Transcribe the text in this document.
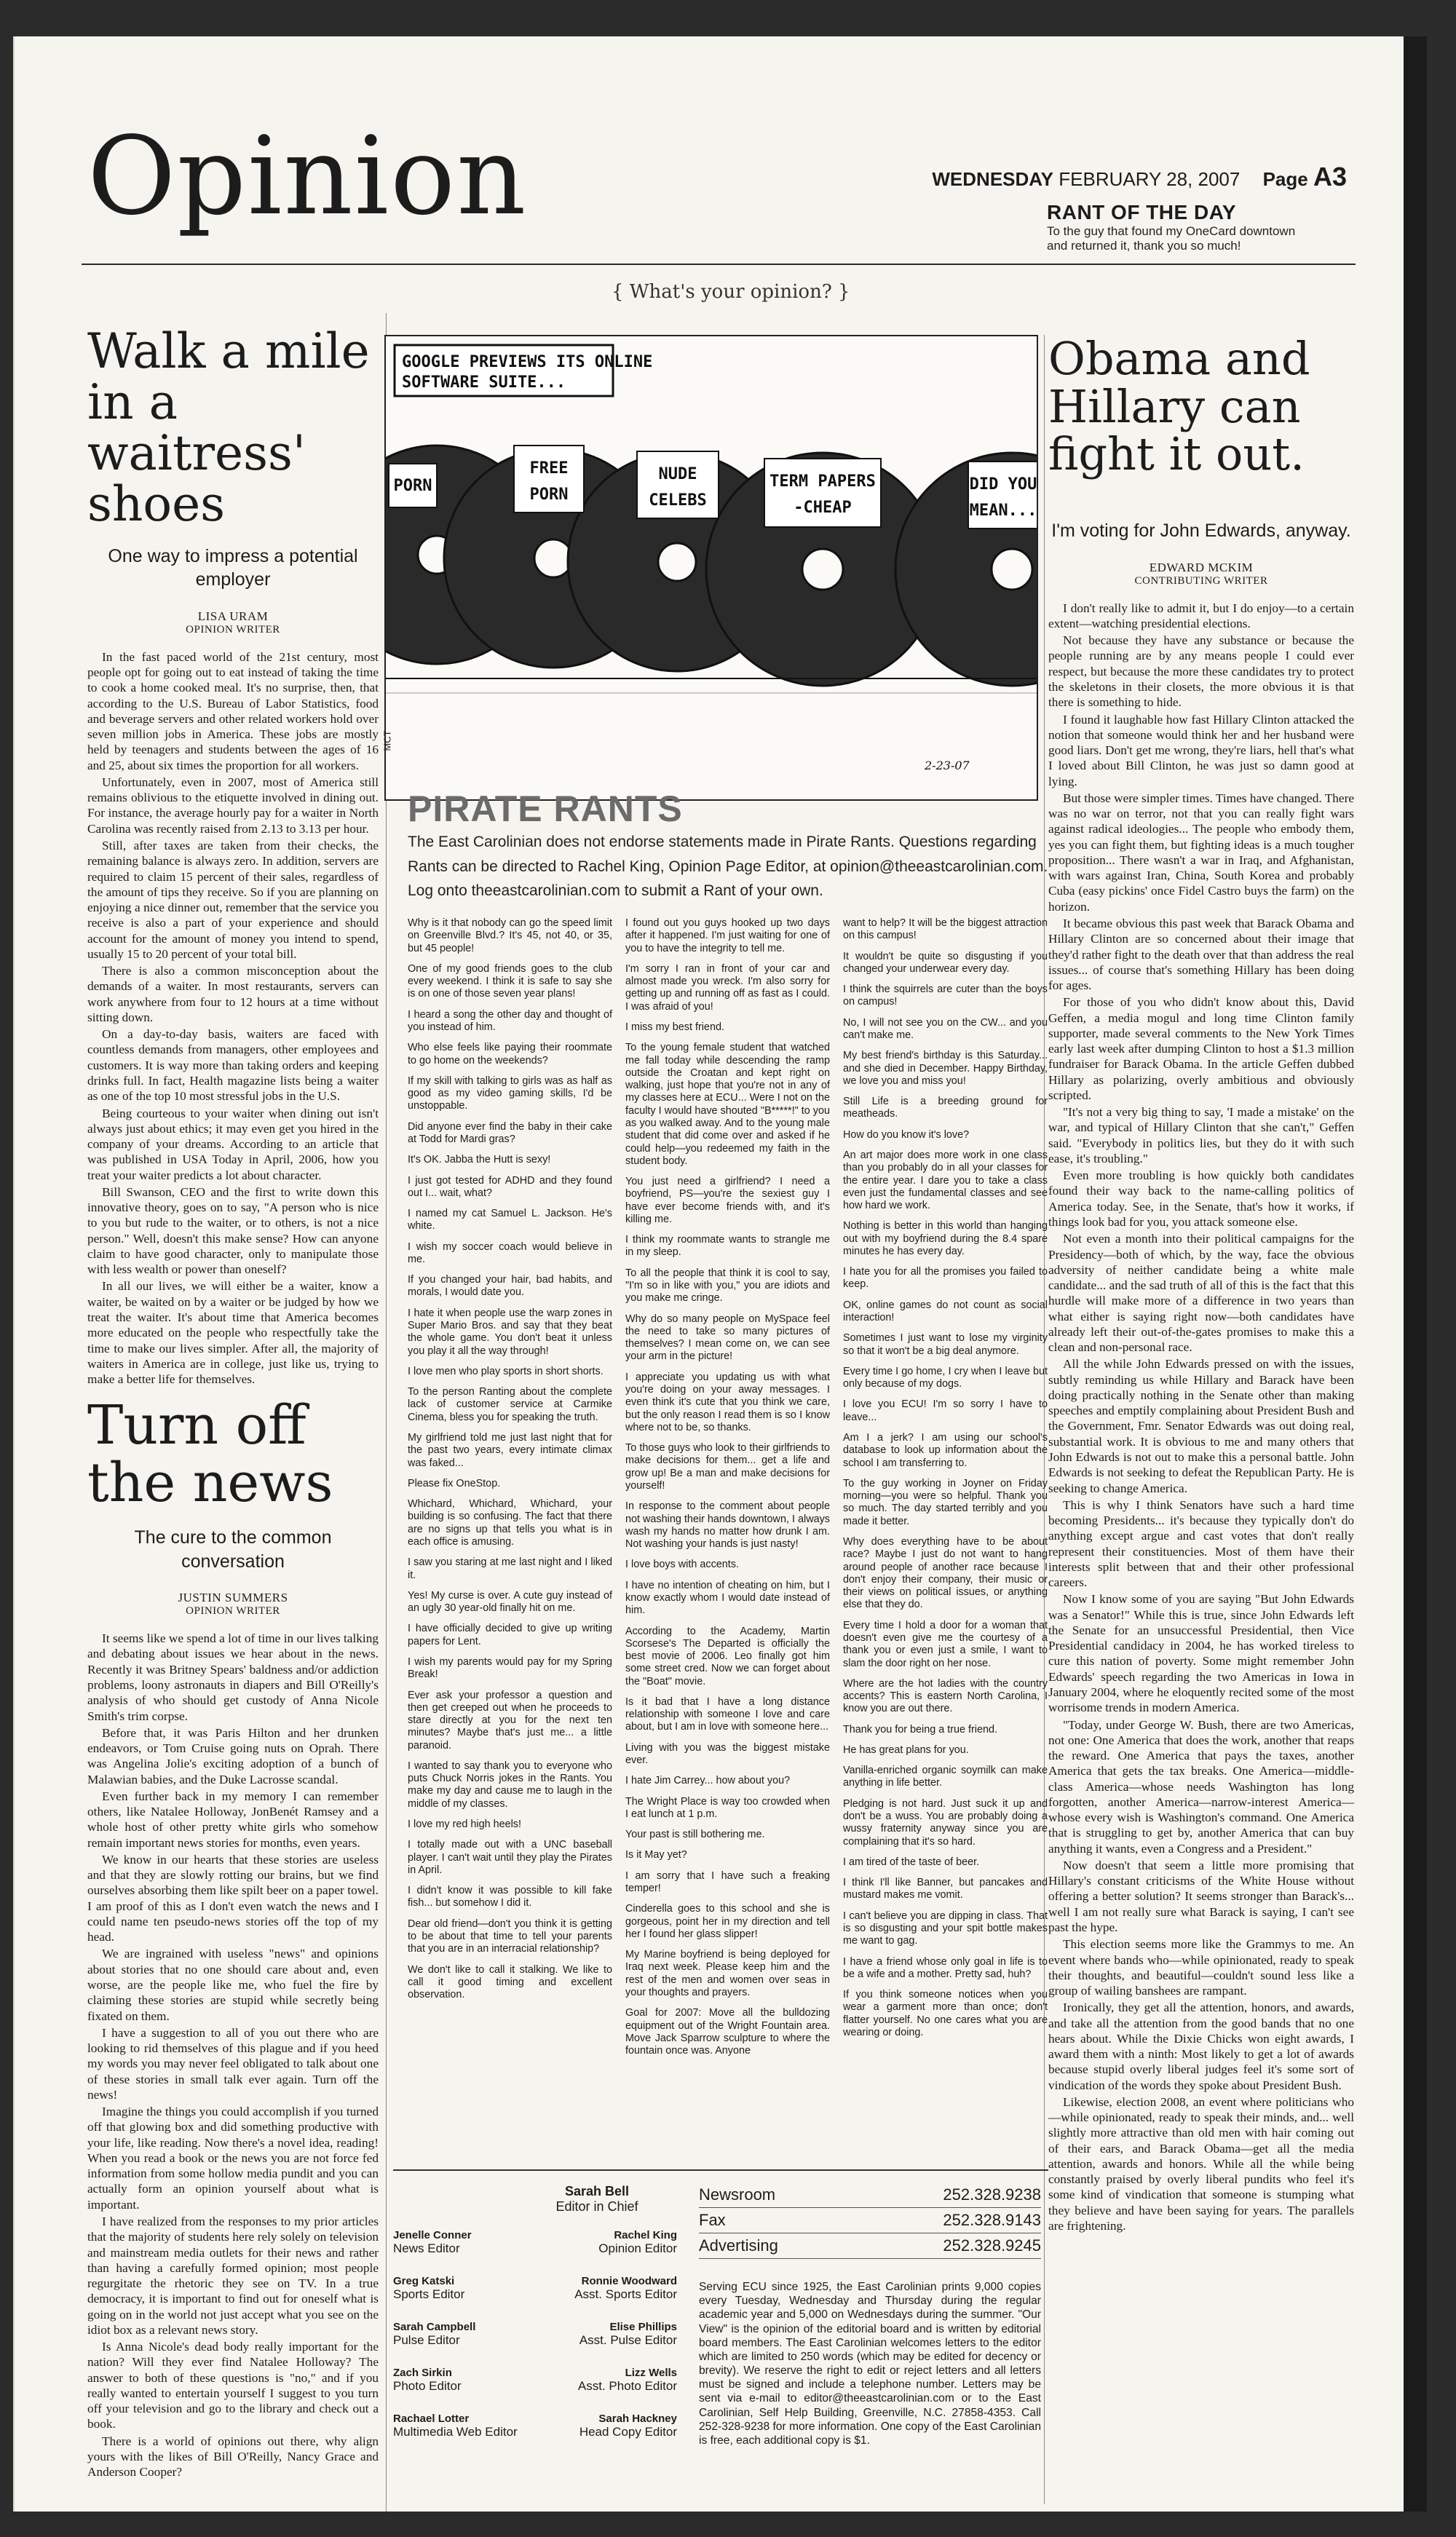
Opinion	WEDNESDAY FEBRUARY 28, 2007 Page A3
RANT OF THE DAY
To the guy that found my OneCard downtown and returned it, thank you so much!
{ What's your opinion? }
Walk a mile in a waitress' shoes
One way to impress a potential employer
LISA URAM
OPINION WRITER

In the fast paced world of the 21st century, most people opt for going out to eat instead of taking the time to cook a home cooked meal. It's no surprise, then, that according to the U.S. Bureau of Labor Statistics, food and beverage servers and other related workers hold over seven million jobs in America. These jobs are mostly held by teenagers and students between the ages of 16 and 25, about six times the proportion for all workers.

Unfortunately, even in 2007, most of America still remains oblivious to the etiquette involved in dining out. For instance, the average hourly pay for a waiter in North Carolina was recently raised from 2.13 to 3.13 per hour.

Still, after taxes are taken from their checks, the remaining balance is always zero. In addition, servers are required to claim 15 percent of their sales, regardless of the amount of tips they receive. So if you are planning on enjoying a nice dinner out, remember that the service you receive is also a part of your experience and should account for the amount of money you intend to spend, usually 15 to 20 percent of your total bill.

There is also a common misconception about the demands of a waiter. In most restaurants, servers can work anywhere from four to 12 hours at a time without sitting down.

On a day-to-day basis, waiters are faced with countless demands from managers, other employees and customers. It is way more than taking orders and keeping drinks full. In fact, Health magazine lists being a waiter as one of the top 10 most stressful jobs in the U.S.

Being courteous to your waiter when dining out isn't always just about ethics; it may even get you hired in the company of your dreams. According to an article that was published in USA Today in April, 2006, how you treat your waiter predicts a lot about character.

Bill Swanson, CEO and the first to write down this innovative theory, goes on to say, "A person who is nice to you but rude to the waiter, or to others, is not a nice person." Well, doesn't this make sense? How can anyone claim to have good character, only to manipulate those with less wealth or power than oneself?

In all our lives, we will either be a waiter, know a waiter, be waited on by a waiter or be judged by how we treat the waiter. It's about time that America becomes more educated on the people who respectfully take the time to make our lives simpler. After all, the majority of waiters in America are in college, just like us, trying to make a better life for themselves.

Turn off the news
The cure to the common conversation
JUSTIN SUMMERS
OPINION WRITER

It seems like we spend a lot of time in our lives talking and debating about issues we hear about in the news. Recently it was Britney Spears' baldness and/or addiction problems, loony astronauts in diapers and Bill O'Reilly's analysis of who should get custody of Anna Nicole Smith's trim corpse.

Before that, it was Paris Hilton and her drunken endeavors, or Tom Cruise going nuts on Oprah. There was Angelina Jolie's exciting adoption of a bunch of Malawian babies, and the Duke Lacrosse scandal.

Even further back in my memory I can remember others, like Natalee Holloway, JonBenét Ramsey and a whole host of other pretty white girls who somehow remain important news stories for months, even years.

We know in our hearts that these stories are useless and that they are slowly rotting our brains, but we find ourselves absorbing them like spilt beer on a paper towel. I am proof of this as I don't even watch the news and I could name ten pseudo-news stories off the top of my head.

We are ingrained with useless "news" and opinions about stories that no one should care about and, even worse, are the people like me, who fuel the fire by claiming these stories are stupid while secretly being fixated on them.

I have a suggestion to all of you out there who are looking to rid themselves of this plague and if you heed my words you may never feel obligated to talk about one of these stories in small talk ever again. Turn off the news!

Imagine the things you could accomplish if you turned off that glowing box and did something productive with your life, like reading. Now there's a novel idea, reading! When you read a book or the news you are not force fed information from some hollow media pundit and you can actually form an opinion yourself about what is important.

I have realized from the responses to my prior articles that the majority of students here rely solely on television and mainstream media outlets for their news and rather than having a carefully formed opinion; most people regurgitate the rhetoric they see on TV. In a true democracy, it is important to find out for oneself what is going on in the world not just accept what you see on the idiot box as a relevant news story.

Is Anna Nicole's dead body really important for the nation? Will they ever find Natalee Holloway? The answer to both of these questions is "no," and if you really wanted to entertain yourself I suggest to you turn off your television and go to the library and check out a book.

There is a world of opinions out there, why align yours with the likes of Bill O'Reilly, Nancy Grace and Anderson Cooper?

GOOGLE PREVIEWS ITS ONLINE
SOFTWARE SUITE...
PORN
FREE
PORN
NUDE
CELEBS
TERM PAPERS
-CHEAP
DID YOU
MEAN...
2-23-07
MCT
PIRATE RANTS
The East Carolinian does not endorse statements made in Pirate Rants. Questions regarding Rants can be directed to Rachel King, Opinion Page Editor, at opinion@theeastcarolinian.com. Log onto theeastcarolinian.com to submit a Rant of your own.

Why is it that nobody can go the speed limit on Greenville Blvd.? It's 45, not 40, or 35, but 45 people!

One of my good friends goes to the club every weekend. I think it is safe to say she is on one of those seven year plans!

I heard a song the other day and thought of you instead of him.

Who else feels like paying their roommate to go home on the weekends?

If my skill with talking to girls was as half as good as my video gaming skills, I'd be unstoppable.

Did anyone ever find the baby in their cake at Todd for Mardi gras?

It's OK. Jabba the Hutt is sexy!

I just got tested for ADHD and they found out I... wait, what?

I named my cat Samuel L. Jackson. He's white.

I wish my soccer coach would believe in me.

If you changed your hair, bad habits, and morals, I would date you.

I hate it when people use the warp zones in Super Mario Bros. and say that they beat the whole game. You don't beat it unless you play it all the way through!

I love men who play sports in short shorts.

To the person Ranting about the complete lack of customer service at Carmike Cinema, bless you for speaking the truth.

My girlfriend told me just last night that for the past two years, every intimate climax was faked...

Please fix OneStop.

Whichard, Whichard, Whichard, your building is so confusing. The fact that there are no signs up that tells you what is in each office is amusing.

I saw you staring at me last night and I liked it.

Yes! My curse is over. A cute guy instead of an ugly 30 year-old finally hit on me.

I have officially decided to give up writing papers for Lent.

I wish my parents would pay for my Spring Break!

Ever ask your professor a question and then get creeped out when he proceeds to stare directly at you for the next ten minutes? Maybe that's just me... a little paranoid.

I wanted to say thank you to everyone who puts Chuck Norris jokes in the Rants. You make my day and cause me to laugh in the middle of my classes.

I love my red high heels!

I totally made out with a UNC baseball player. I can't wait until they play the Pirates in April.

I didn't know it was possible to kill fake fish... but somehow I did it.

Dear old friend—don't you think it is getting to be about that time to tell your parents that you are in an interracial relationship?

We don't like to call it stalking. We like to call it good timing and excellent observation.

I found out you guys hooked up two days after it happened. I'm just waiting for one of you to have the integrity to tell me.

I'm sorry I ran in front of your car and almost made you wreck. I'm also sorry for getting up and running off as fast as I could. I was afraid of you!

I miss my best friend.

To the young female student that watched me fall today while descending the ramp outside the Croatan and kept right on walking, just hope that you're not in any of my classes here at ECU... Were I not on the faculty I would have shouted "B*****!" to you as you walked away. And to the young male student that did come over and asked if he could help—you redeemed my faith in the student body.

You just need a girlfriend? I need a boyfriend, PS—you're the sexiest guy I have ever become friends with, and it's killing me.

I think my roommate wants to strangle me in my sleep.

To all the people that think it is cool to say, "I'm so in like with you," you are idiots and you make me cringe.

Why do so many people on MySpace feel the need to take so many pictures of themselves? I mean come on, we can see your arm in the picture!

I appreciate you updating us with what you're doing on your away messages. I even think it's cute that you think we care, but the only reason I read them is so I know where not to be, so thanks.

To those guys who look to their girlfriends to make decisions for them... get a life and grow up! Be a man and make decisions for yourself!

In response to the comment about people not washing their hands downtown, I always wash my hands no matter how drunk I am. Not washing your hands is just nasty!

I love boys with accents.

I have no intention of cheating on him, but I know exactly whom I would date instead of him.

According to the Academy, Martin Scorsese's The Departed is officially the best movie of 2006. Leo finally got him some street cred. Now we can forget about the "Boat" movie.

Is it bad that I have a long distance relationship with someone I love and care about, but I am in love with someone here...

Living with you was the biggest mistake ever.

I hate Jim Carrey... how about you?

The Wright Place is way too crowded when I eat lunch at 1 p.m.

Your past is still bothering me.

Is it May yet?

I am sorry that I have such a freaking temper!

Cinderella goes to this school and she is gorgeous, point her in my direction and tell her I found her glass slipper!

My Marine boyfriend is being deployed for Iraq next week. Please keep him and the rest of the men and women over seas in your thoughts and prayers.

Goal for 2007: Move all the bulldozing equipment out of the Wright Fountain area. Move Jack Sparrow sculpture to where the fountain once was. Anyone

want to help? It will be the biggest attraction on this campus!

It wouldn't be quite so disgusting if you changed your underwear every day.

I think the squirrels are cuter than the boys on campus!

No, I will not see you on the CW... and you can't make me.

My best friend's birthday is this Saturday... and she died in December. Happy Birthday, we love you and miss you!

Still Life is a breeding ground for meatheads.

How do you know it's love?

An art major does more work in one class than you probably do in all your classes for the entire year. I dare you to take a class even just the fundamental classes and see how hard we work.

Nothing is better in this world than hanging out with my boyfriend during the 8.4 spare minutes he has every day.

I hate you for all the promises you failed to keep.

OK, online games do not count as social interaction!

Sometimes I just want to lose my virginity so that it won't be a big deal anymore.

Every time I go home, I cry when I leave but only because of my dogs.

I love you ECU! I'm so sorry I have to leave...

Am I a jerk? I am using our school's database to look up information about the school I am transferring to.

To the guy working in Joyner on Friday morning—you were so helpful. Thank you so much. The day started terribly and you made it better.

Why does everything have to be about race? Maybe I just do not want to hang around people of another race because I don't enjoy their company, their music or their views on political issues, or anything else that they do.

Every time I hold a door for a woman that doesn't even give me the courtesy of a thank you or even just a smile, I want to slam the door right on her nose.

Where are the hot ladies with the country accents? This is eastern North Carolina, I know you are out there.

Thank you for being a true friend.

He has great plans for you.

Vanilla-enriched organic soymilk can make anything in life better.

Pledging is not hard. Just suck it up and don't be a wuss. You are probably doing a wussy fraternity anyway since you are complaining that it's so hard.

I am tired of the taste of beer.

I think I'll like Banner, but pancakes and mustard makes me vomit.

I can't believe you are dipping in class. That is so disgusting and your spit bottle makes me want to gag.

I have a friend whose only goal in life is to be a wife and a mother. Pretty sad, huh?

If you think someone notices when you wear a garment more than once; don't flatter yourself. No one cares what you are wearing or doing.

Sarah Bell
Editor in Chief
Jenelle Conner
News Editor
Rachel King
Opinion Editor
Greg Katski
Sports Editor
Ronnie Woodward
Asst. Sports Editor
Sarah Campbell
Pulse Editor
Elise Phillips
Asst. Pulse Editor
Zach Sirkin
Photo Editor
Lizz Wells
Asst. Photo Editor
Rachael Lotter
Multimedia Web Editor
Sarah Hackney
Head Copy Editor
Newsroom	252.328.9238
Fax	252.328.9143
Advertising	252.328.9245
Serving ECU since 1925, the East Carolinian prints 9,000 copies every Tuesday, Wednesday and Thursday during the regular academic year and 5,000 on Wednesdays during the summer. "Our View" is the opinion of the editorial board and is written by editorial board members. The East Carolinian welcomes letters to the editor which are limited to 250 words (which may be edited for decency or brevity). We reserve the right to edit or reject letters and all letters must be signed and include a telephone number. Letters may be sent via e-mail to editor@theeastcarolinian.com or to the East Carolinian, Self Help Building, Greenville, N.C. 27858-4353. Call 252-328-9238 for more information. One copy of the East Carolinian is free, each additional copy is $1.
Obama and Hillary can fight it out.
I'm voting for John Edwards, anyway.
EDWARD MCKIM
CONTRIBUTING WRITER

I don't really like to admit it, but I do enjoy—to a certain extent—watching presidential elections.

Not because they have any substance or because the people running are by any means people I could ever respect, but because the more these candidates try to protect the skeletons in their closets, the more obvious it is that there is something to hide.

I found it laughable how fast Hillary Clinton attacked the notion that someone would think her and her husband were good liars. Don't get me wrong, they're liars, hell that's what I loved about Bill Clinton, he was just so damn good at lying.

But those were simpler times. Times have changed. There was no war on terror, not that you can really fight wars against radical ideologies... The people who embody them, yes you can fight them, but fighting ideas is a much tougher proposition... There wasn't a war in Iraq, and Afghanistan, with wars against Iran, China, South Korea and probably Cuba (easy pickins' once Fidel Castro buys the farm) on the horizon.

It became obvious this past week that Barack Obama and Hillary Clinton are so concerned about their image that they'd rather fight to the death over that than address the real issues... of course that's something Hillary has been doing for ages.

For those of you who didn't know about this, David Geffen, a media mogul and long time Clinton family supporter, made several comments to the New York Times early last week after dumping Clinton to host a $1.3 million fundraiser for Barack Obama. In the article Geffen dubbed Hillary as polarizing, overly ambitious and obviously scripted.

"It's not a very big thing to say, 'I made a mistake' on the war, and typical of Hillary Clinton that she can't," Geffen said. "Everybody in politics lies, but they do it with such ease, it's troubling."

Even more troubling is how quickly both candidates found their way back to the name-calling politics of America today. See, in the Senate, that's how it works, if things look bad for you, you attack someone else.

Not even a month into their political campaigns for the Presidency—both of which, by the way, face the obvious adversity of neither candidate being a white male candidate... and the sad truth of all of this is the fact that this hurdle will make more of a difference in two years than what either is saying right now—both candidates have already left their out-of-the-gates promises to make this a clean and non-personal race.

All the while John Edwards pressed on with the issues, subtly reminding us while Hillary and Barack have been doing practically nothing in the Senate other than making speeches and emptily complaining about President Bush and the Government, Fmr. Senator Edwards was out doing real, substantial work. It is obvious to me and many others that John Edwards is not out to make this a personal battle. John Edwards is not seeking to defeat the Republican Party. He is seeking to change America.

This is why I think Senators have such a hard time becoming Presidents... it's because they typically don't do anything except argue and cast votes that don't really represent their constituencies. Most of them have their interests split between that and their other professional careers.

Now I know some of you are saying "But John Edwards was a Senator!" While this is true, since John Edwards left the Senate for an unsuccessful Presidential, then Vice Presidential candidacy in 2004, he has worked tireless to cure this nation of poverty. Some might remember John Edwards' speech regarding the two Americas in Iowa in January 2004, where he eloquently recited some of the most worrisome trends in modern America.

"Today, under George W. Bush, there are two Americas, not one: One America that does the work, another that reaps the reward. One America that pays the taxes, another America that gets the tax breaks. One America—middle-class America—whose needs Washington has long forgotten, another America—narrow-interest America—whose every wish is Washington's command. One America that is struggling to get by, another America that can buy anything it wants, even a Congress and a President."

Now doesn't that seem a little more promising that Hillary's constant criticisms of the White House without offering a better solution? It seems stronger than Barack's... well I am not really sure what Barack is saying, I can't see past the hype.

This election seems more like the Grammys to me. An event where bands who—while opinionated, ready to speak their thoughts, and beautiful—couldn't sound less like a group of wailing banshees are rampant.

Ironically, they get all the attention, honors, and awards, and take all the attention from the good bands that no one hears about. While the Dixie Chicks won eight awards, I award them with a ninth: Most likely to get a lot of awards because stupid overly liberal judges feel it's some sort of vindication of the words they spoke about President Bush.

Likewise, election 2008, an event where politicians who—while opinionated, ready to speak their minds, and... well slightly more attractive than old men with hair coming out of their ears, and Barack Obama—get all the media attention, awards and honors. While all the while being constantly praised by overly liberal pundits who feel it's some kind of vindication that someone is stumping what they believe and have been saying for years. The parallels are frightening.
